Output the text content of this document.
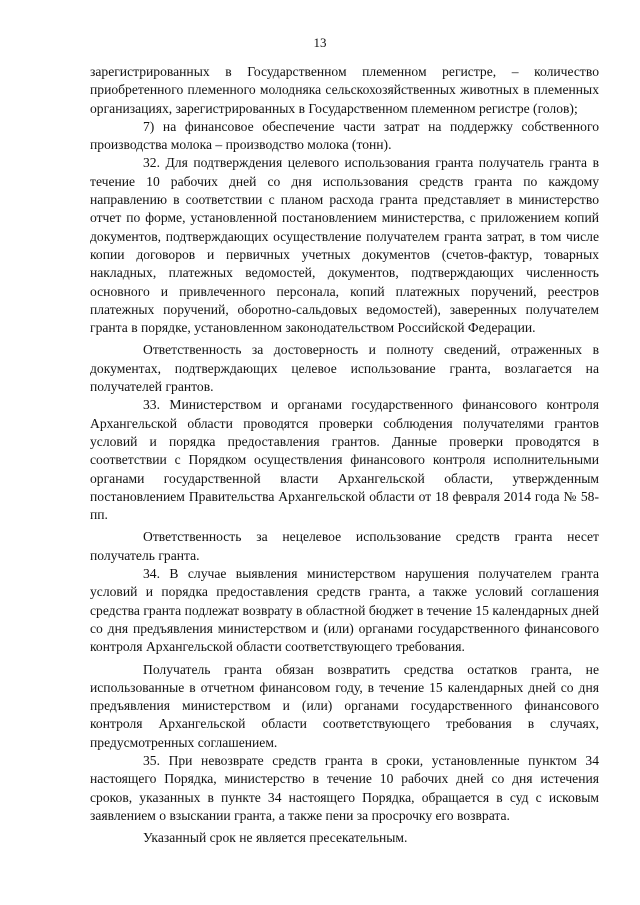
13

зарегистрированных в Государственном племенном регистре, – количество приобретенного племенного молодняка сельскохозяйственных животных в племенных организациях, зарегистрированных в Государственном племенном регистре (голов);

7) на финансовое обеспечение части затрат на поддержку собственного производства молока – производство молока (тонн).

32. Для подтверждения целевого использования гранта получатель гранта в течение 10 рабочих дней со дня использования средств гранта по каждому направлению в соответствии с планом расхода гранта представляет в министерство отчет по форме, установленной постановлением министерства, с приложением копий документов, подтверждающих осуществление получателем гранта затрат, в том числе копии договоров и первичных учетных документов (счетов-фактур, товарных накладных, платежных ведомостей, документов, подтверждающих численность основного и привлеченного персонала, копий платежных поручений, реестров платежных поручений, оборотно-сальдовых ведомостей), заверенных получателем гранта в порядке, установленном законодательством Российской Федерации.

Ответственность за достоверность и полноту сведений, отраженных в документах, подтверждающих целевое использование гранта, возлагается на получателей грантов.

33. Министерством и органами государственного финансового контроля Архангельской области проводятся проверки соблюдения получателями грантов условий и порядка предоставления грантов. Данные проверки проводятся в соответствии с Порядком осуществления финансового контроля исполнительными органами государственной власти Архангельской области, утвержденным постановлением Правительства Архангельской области от 18 февраля 2014 года № 58-пп.

Ответственность за нецелевое использование средств гранта несет получатель гранта.

34. В случае выявления министерством нарушения получателем гранта условий и порядка предоставления средств гранта, а также условий соглашения средства гранта подлежат возврату в областной бюджет в течение 15 календарных дней со дня предъявления министерством и (или) органами государственного финансового контроля Архангельской области соответствующего требования.

Получатель гранта обязан возвратить средства остатков гранта, не использованные в отчетном финансовом году, в течение 15 календарных дней со дня предъявления министерством и (или) органами государственного финансового контроля Архангельской области соответствующего требования в случаях, предусмотренных соглашением.

35. При невозврате средств гранта в сроки, установленные пунктом 34 настоящего Порядка, министерство в течение 10 рабочих дней со дня истечения сроков, указанных в пункте 34 настоящего Порядка, обращается в суд с исковым заявлением о взыскании гранта, а также пени за просрочку его возврата.

Указанный срок не является пресекательным.
